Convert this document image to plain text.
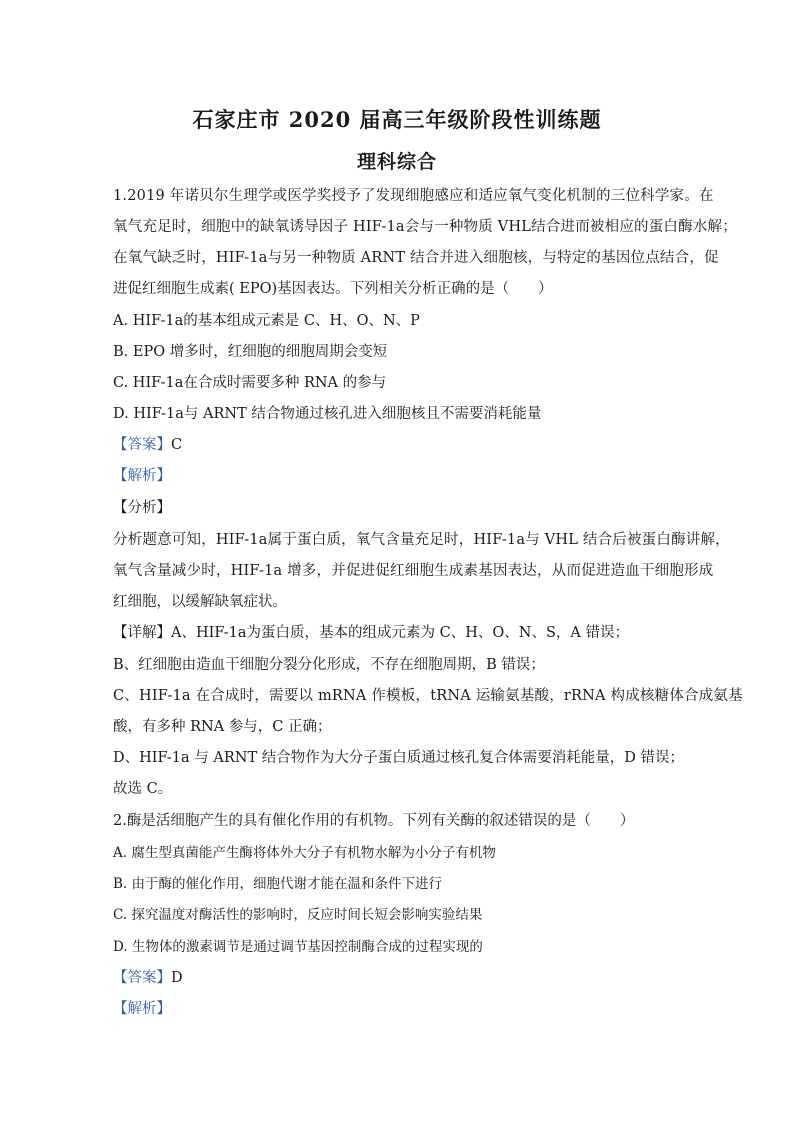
石家庄市 2020 届高三年级阶段性训练题
理科综合
1.2019 年诺贝尔生理学或医学奖授予了发现细胞感应和适应氧气变化机制的三位科学家。在
氧气充足时，细胞中的缺氧诱导因子 HIF-1a会与一种物质 VHL结合进而被相应的蛋白酶水解；
在氧气缺乏时，HIF-1a与另一种物质 ARNT 结合并进入细胞核，与特定的基因位点结合，促
进促红细胞生成素( EPO)基因表达。下列相关分析正确的是（　　）
A. HIF-1a的基本组成元素是 C、H、O、N、P
B. EPO 增多时，红细胞的细胞周期会变短
C. HIF-1a在合成时需要多种 RNA 的参与
D. HIF-1a与 ARNT 结合物通过核孔进入细胞核且不需要消耗能量
【答案】C
【解析】
【分析】
分析题意可知，HIF-1a属于蛋白质，氧气含量充足时，HIF-1a与 VHL 结合后被蛋白酶讲解，
氧气含量减少时，HIF-1a 增多，并促进促红细胞生成素基因表达，从而促进造血干细胞形成
红细胞，以缓解缺氧症状。
【详解】A、HIF-1a为蛋白质，基本的组成元素为 C、H、O、N、S，A 错误；
B、红细胞由造血干细胞分裂分化形成，不存在细胞周期，B 错误；
C、HIF-1a 在合成时，需要以 mRNA 作模板，tRNA 运输氨基酸，rRNA 构成核糖体合成氨基
酸，有多种 RNA 参与，C 正确；
D、HIF-1a 与 ARNT 结合物作为大分子蛋白质通过核孔复合体需要消耗能量，D 错误；
故选 C。
2.酶是活细胞产生的具有催化作用的有机物。下列有关酶的叙述错误的是（　　）
A. 腐生型真菌能产生酶将体外大分子有机物水解为小分子有机物
B. 由于酶的催化作用，细胞代谢才能在温和条件下进行
C. 探究温度对酶活性的影响时，反应时间长短会影响实验结果
D. 生物体的激素调节是通过调节基因控制酶合成的过程实现的
【答案】D
【解析】
